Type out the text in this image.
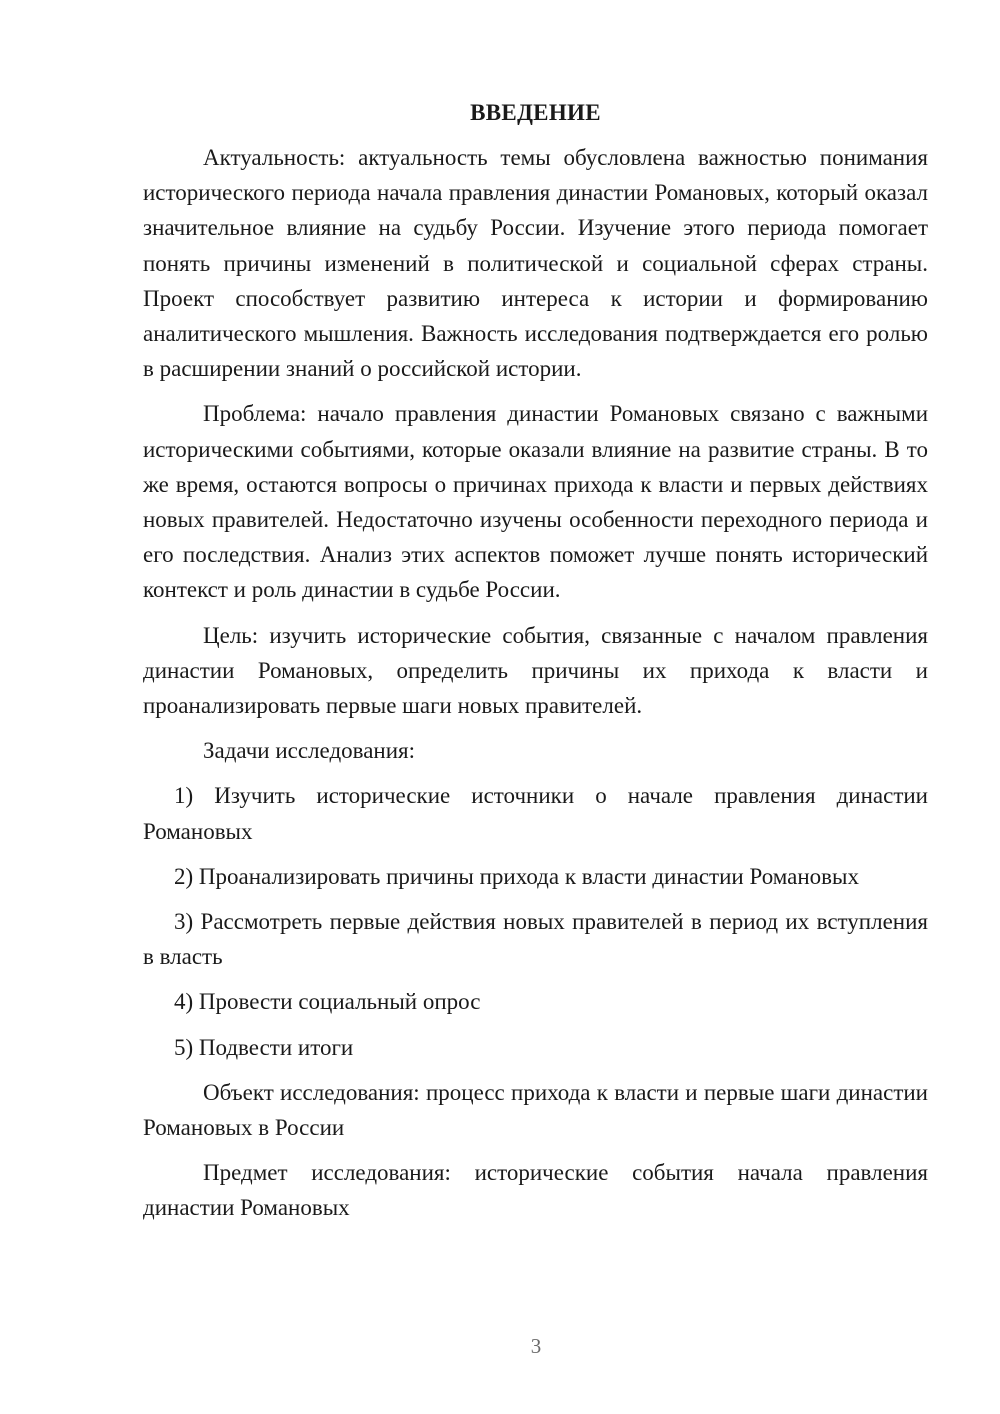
ВВЕДЕНИЕ

Актуальность: актуальность темы обусловлена важностью понимания исторического периода начала правления династии Романовых, который оказал значительное влияние на судьбу России. Изучение этого периода помогает понять причины изменений в политической и социальной сферах страны. Проект способствует развитию интереса к истории и формированию аналитического мышления. Важность исследования подтверждается его ролью в расширении знаний о российской истории.

Проблема: начало правления династии Романовых связано с важными историческими событиями, которые оказали влияние на развитие страны. В то же время, остаются вопросы о причинах прихода к власти и первых действиях новых правителей. Недостаточно изучены особенности переходного периода и его последствия. Анализ этих аспектов поможет лучше понять исторический контекст и роль династии в судьбе России.

Цель: изучить исторические события, связанные с началом правления династии Романовых, определить причины их прихода к власти и проанализировать первые шаги новых правителей.

Задачи исследования:

1) Изучить исторические источники о начале правления династии Романовых

2) Проанализировать причины прихода к власти династии Романовых

3) Рассмотреть первые действия новых правителей в период их вступления в власть

4) Провести социальный опрос

5) Подвести итоги

Объект исследования: процесс прихода к власти и первые шаги династии Романовых в России

Предмет исследования: исторические события начала правления династии Романовых

3
